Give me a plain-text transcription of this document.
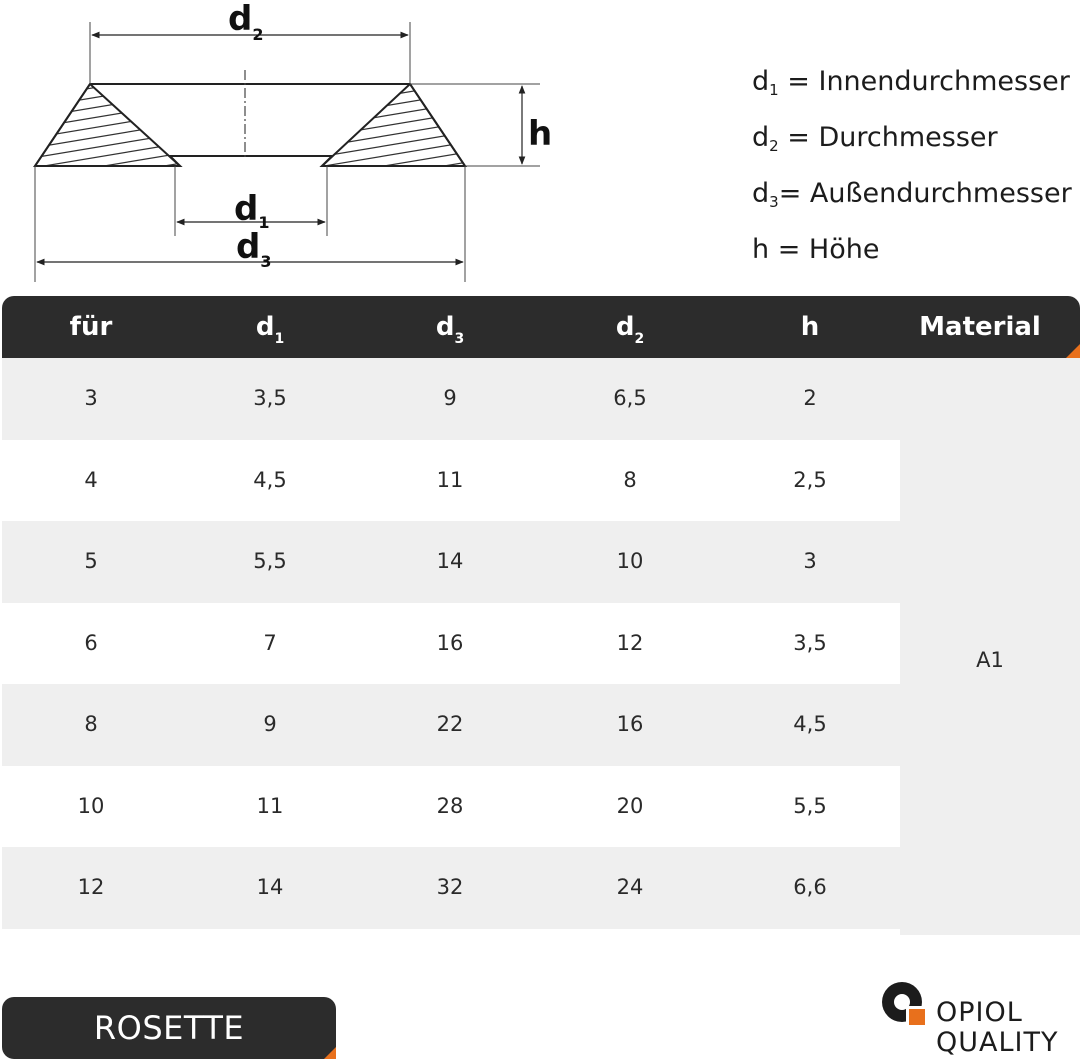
$d_2$
h
$d_1$
$d_3$
$d_1$ = Innendurchmesser
$d_2$ = Durchmesser
$d_3=$ Außendurchmesser
h = Höhe
für	$d_1$	$d_3$	$d_2$	h	Material
12	14	32	24	6,6
10	11	28	20	5,5
8	9	22	16	4,5
6	7	16	12	3,5
5	5,5	14	10	3
4	4,5	11	8	2,5
3	3,5	9	6,5	2
A1
ROSETTE	OPIOL
QUALITY
